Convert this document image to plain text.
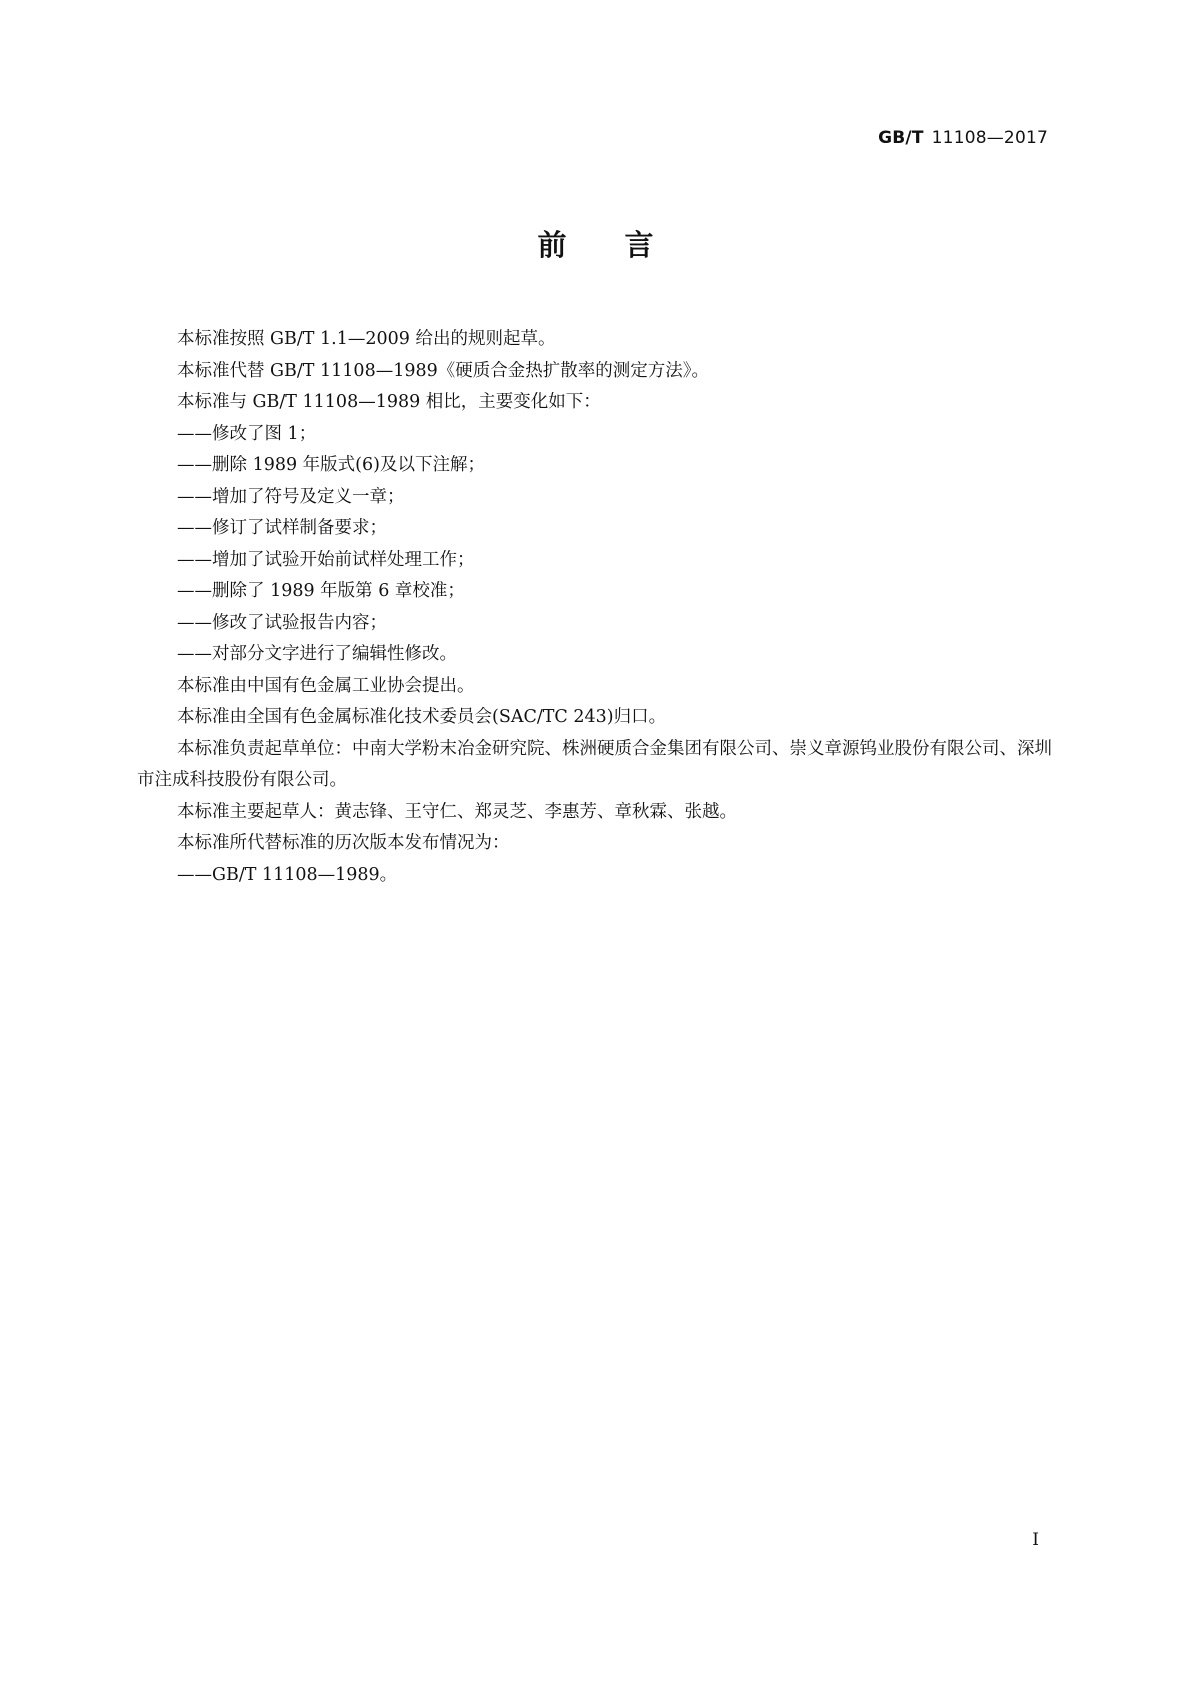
GB/T 11108—2017
前言

本标准按照 GB/T 1.1—2009 给出的规则起草。

本标准代替 GB/T 11108—1989《硬质合金热扩散率的测定方法》。

本标准与 GB/T 11108—1989 相比，主要变化如下：

——修改了图 1；

——删除 1989 年版式(6)及以下注解；

——增加了符号及定义一章；

——修订了试样制备要求；

——增加了试验开始前试样处理工作；

——删除了 1989 年版第 6 章校准；

——修改了试验报告内容；

——对部分文字进行了编辑性修改。

本标准由中国有色金属工业协会提出。

本标准由全国有色金属标准化技术委员会(SAC/TC 243)归口。

本标准负责起草单位：中南大学粉末冶金研究院、株洲硬质合金集团有限公司、崇义章源钨业股份有限公司、深圳市注成科技股份有限公司。

本标准主要起草人：黄志锋、王守仁、郑灵芝、李惠芳、章秋霖、张越。

本标准所代替标准的历次版本发布情况为：

——GB/T 11108—1989。

I
